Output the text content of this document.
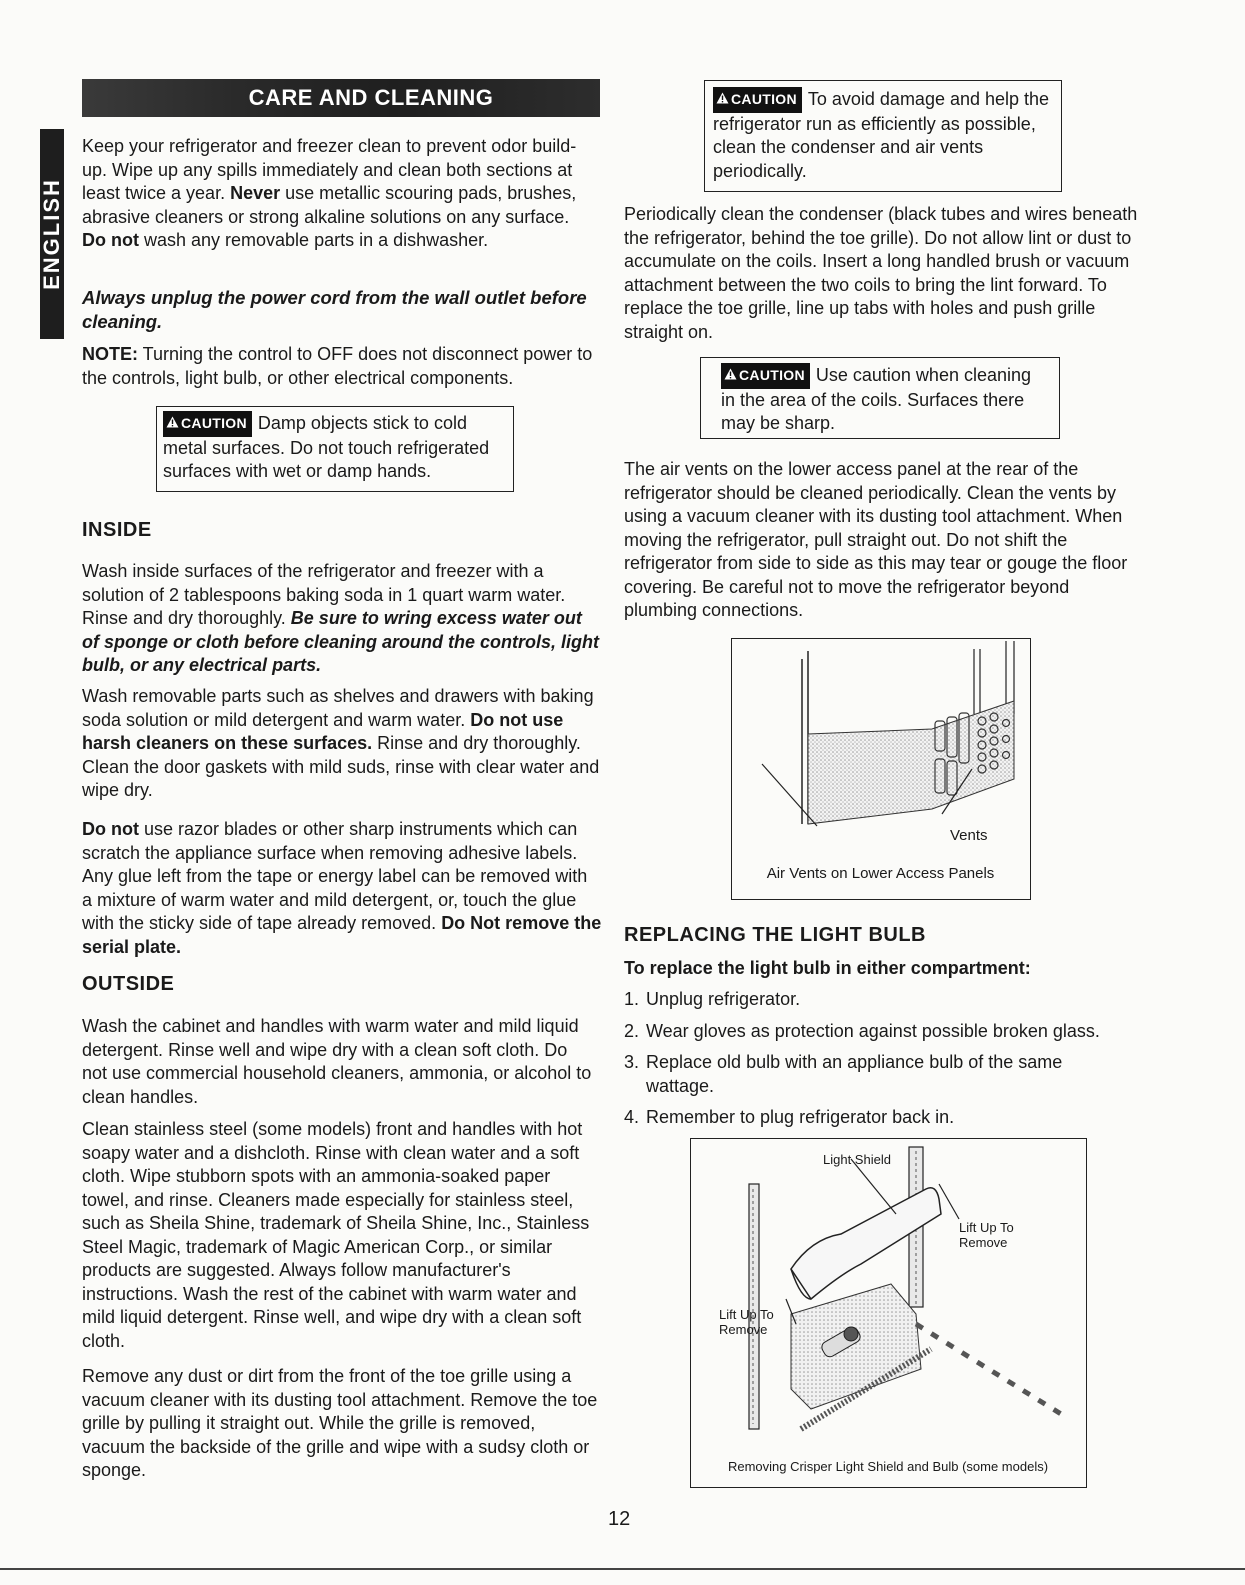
CARE AND CLEANING
ENGLISH

Keep your refrigerator and freezer clean to prevent odor build-up. Wipe up any spills immediately and clean both sections at least twice a year. Never use metallic scouring pads, brushes, abrasive cleaners or strong alkaline solutions on any surface. Do not wash any removable parts in a dishwasher.

Always unplug the power cord from the wall outlet before cleaning.

NOTE: Turning the control to OFF does not disconnect power to the controls, light bulb, or other electrical components.

CAUTION Damp objects stick to cold metal surfaces. Do not touch refrigerated surfaces with wet or damp hands.
INSIDE

Wash inside surfaces of the refrigerator and freezer with a solution of 2 tablespoons baking soda in 1 quart warm water. Rinse and dry thoroughly. Be sure to wring excess water out of sponge or cloth before cleaning around the controls, light bulb, or any electrical parts.

Wash removable parts such as shelves and drawers with baking soda solution or mild detergent and warm water. Do not use harsh cleaners on these surfaces. Rinse and dry thoroughly. Clean the door gaskets with mild suds, rinse with clear water and wipe dry.

Do not use razor blades or other sharp instruments which can scratch the appliance surface when removing adhesive labels. Any glue left from the tape or energy label can be removed with a mixture of warm water and mild detergent, or, touch the glue with the sticky side of tape already removed. Do Not remove the serial plate.

OUTSIDE

Wash the cabinet and handles with warm water and mild liquid detergent. Rinse well and wipe dry with a clean soft cloth. Do not use commercial household cleaners, ammonia, or alcohol to clean handles.

Clean stainless steel (some models) front and handles with hot soapy water and a dishcloth. Rinse with clean water and a soft cloth. Wipe stubborn spots with an ammonia-soaked paper towel, and rinse. Cleaners made especially for stainless steel, such as Sheila Shine, trademark of Sheila Shine, Inc., Stainless Steel Magic, trademark of Magic American Corp., or similar products are suggested. Always follow manufacturer's instructions. Wash the rest of the cabinet with warm water and mild liquid detergent. Rinse well, and wipe dry with a clean soft cloth.

Remove any dust or dirt from the front of the toe grille using a vacuum cleaner with its dusting tool attachment. Remove the toe grille by pulling it straight out. While the grille is removed, vacuum the backside of the grille and wipe with a sudsy cloth or sponge.

CAUTION To avoid damage and help the refrigerator run as efficiently as possible, clean the condenser and air vents periodically.

Periodically clean the condenser (black tubes and wires beneath the refrigerator, behind the toe grille). Do not allow lint or dust to accumulate on the coils. Insert a long handled brush or vacuum attachment between the two coils to bring the lint forward. To replace the toe grille, line up tabs with holes and push grille straight on.

CAUTION Use caution when cleaning in the area of the coils. Surfaces there may be sharp.

The air vents on the lower access panel at the rear of the refrigerator should be cleaned periodically. Clean the vents by using a vacuum cleaner with its dusting tool attachment. When moving the refrigerator, pull straight out. Do not shift the refrigerator from side to side as this may tear or gouge the floor covering. Be careful not to move the refrigerator beyond plumbing connections.

Vents
Air Vents on Lower Access Panels
REPLACING THE LIGHT BULB
To replace the light bulb in either compartment:
1. Unplug refrigerator.
2. Wear gloves as protection against possible broken glass.
3. Replace old bulb with an appliance bulb of the same wattage.
4. Remember to plug refrigerator back in.
Light Shield
Lift Up To Remove
Lift Up To Remove
Removing Crisper Light Shield and Bulb (some models)
12
